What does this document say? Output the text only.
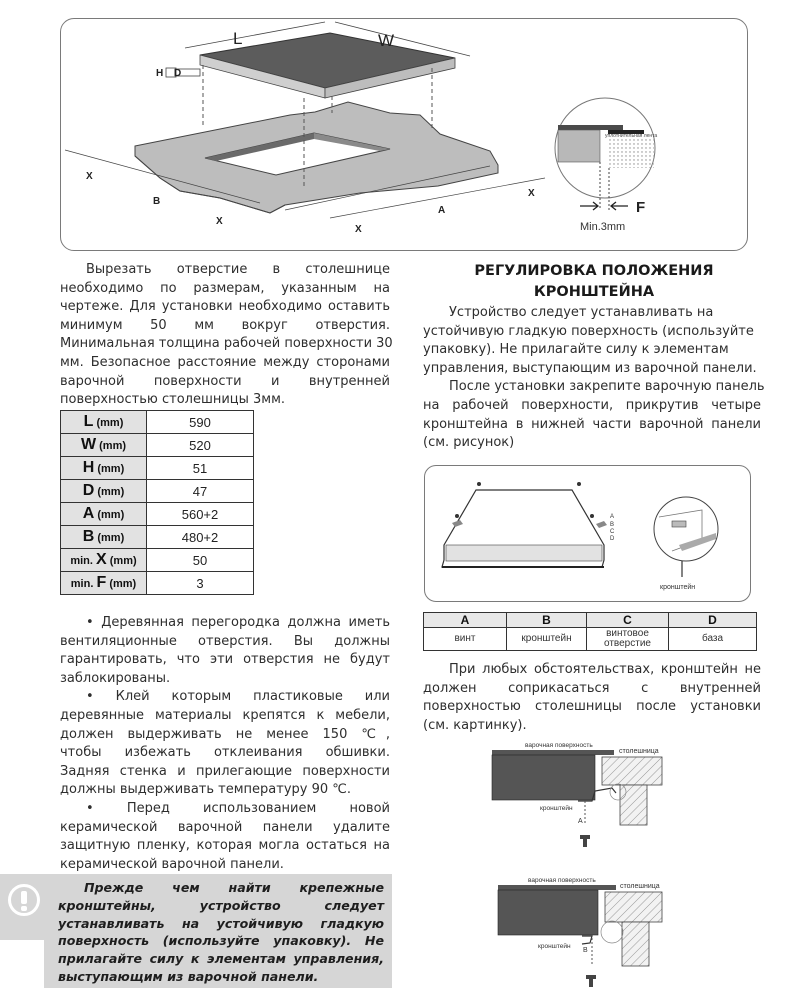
L	W
H D
X
B
X
X
A
X
уплотнительная лента
F
Min.3mm
Вырезать отверстие в столешнице
необходимо по размерам, указанным на
чертеже. Для установки необходимо оставить
минимум 50 мм вокруг отверстия.
Минимальная толщина рабочей поверхности 30
мм. Безопасное расстояние между сторонами
варочной поверхности и внутренней
поверхностью столешницы 3мм.
L (mm)	590
W (mm)	520
H (mm)	51
D (mm)	47
A (mm)	560+2
B (mm)	480+2
min. X (mm)	50
min. F (mm)	3
• Деревянная перегородка должна иметь
вентиляционные отверстия. Вы должны
гарантировать, что эти отверстия не будут
заблокированы.
• Клей которым пластиковые или
деревянные материалы крепятся к мебели,
должен выдерживать не менее 150 ℃,
чтобы избежать отклеивания обшивки.
Задняя стенка и прилегающие поверхности
должны выдерживать температуру 90 ℃.
• Перед использованием новой
керамической варочной панели удалите
защитную пленку, которая могла остаться на
керамической варочной панели.
Прежде чем найти крепежные
кронштейны, устройство следует
устанавливать на устойчивую гладкую
поверхность (используйте упаковку). Не
прилагайте силу к элементам управления,
выступающим из варочной панели.
РЕГУЛИРОВКА ПОЛОЖЕНИЯ
КРОНШТЕЙНА
Устройство следует устанавливать на
устойчивую гладкую поверхность (используйте
упаковку). Не прилагайте силу к элементам
управления, выступающим из варочной панели.
После установки закрепите варочную панель
на рабочей поверхности, прикрутив четыре
кронштейна в нижней части варочной панели
(см. рисунок)
A
B
C
D
кронштейн
A	B	C	D
винт	кронштейн	винтовое отверстие	база
При любых обстоятельствах, кронштейн не
должен соприкасаться с внутренней
поверхностью столешницы после установки
(см. картинку).
варочная поверхность
столешница
кронштейн
A
варочная поверхность
столешница
кронштейн
B
